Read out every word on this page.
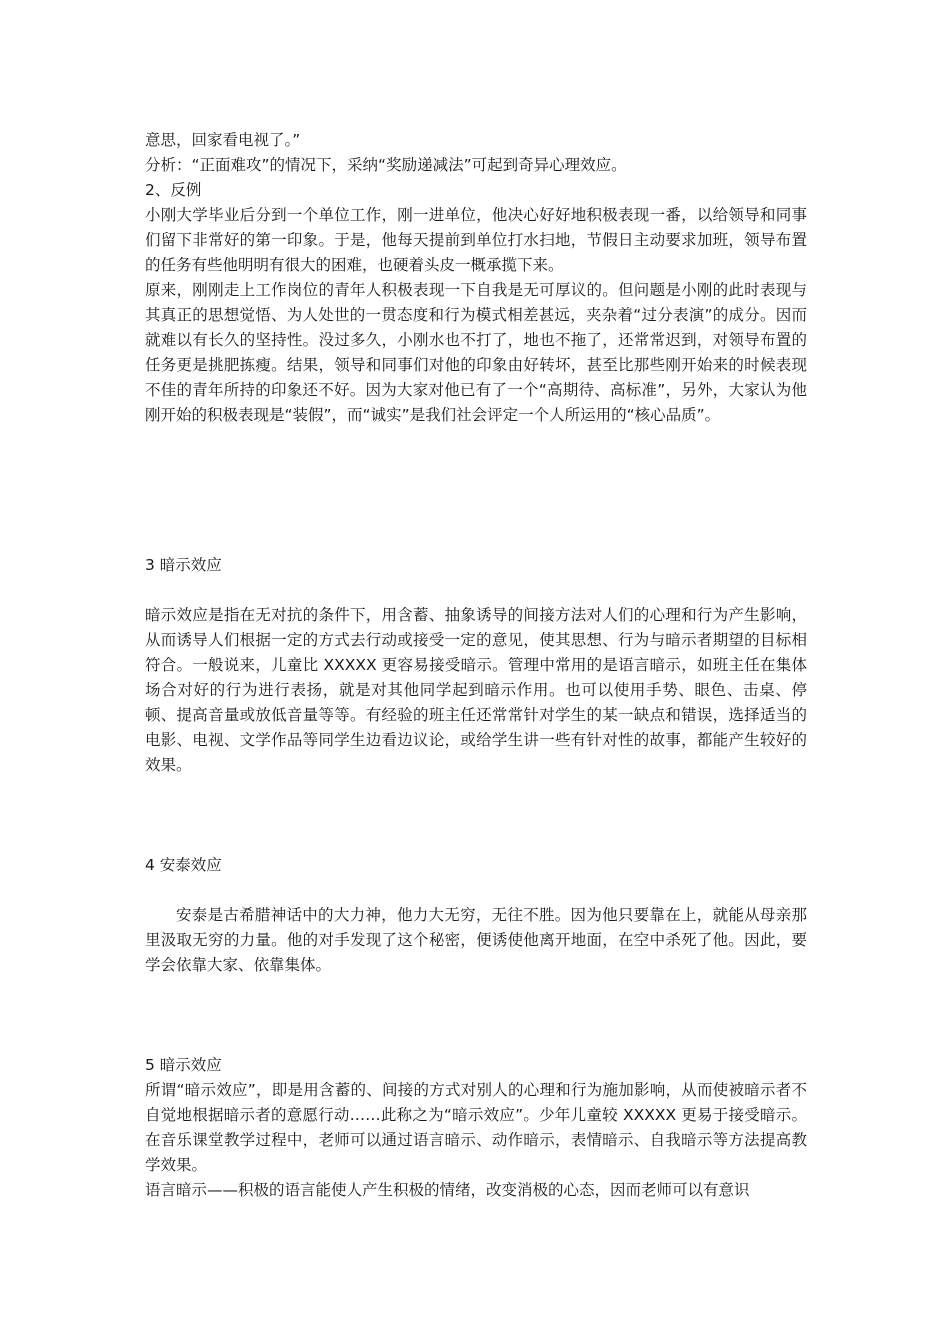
意思，回家看电视了。”

分析：“正面难攻”的情况下，采纳“奖励递减法”可起到奇异心理效应。

2、反例

小刚大学毕业后分到一个单位工作，刚一进单位，他决心好好地积极表现一番，以给领导和同事们留下非常好的第一印象。于是，他每天提前到单位打水扫地，节假日主动要求加班，领导布置的任务有些他明明有很大的困难，也硬着头皮一概承揽下来。

原来，刚刚走上工作岗位的青年人积极表现一下自我是无可厚议的。但问题是小刚的此时表现与其真正的思想觉悟、为人处世的一贯态度和行为模式相差甚远，夹杂着“过分表演”的成分。因而就难以有长久的坚持性。没过多久，小刚水也不打了，地也不拖了，还常常迟到，对领导布置的任务更是挑肥拣瘦。结果，领导和同事们对他的印象由好转坏，甚至比那些刚开始来的时候表现不佳的青年所持的印象还不好。因为大家对他已有了一个“高期待、高标准”，另外，大家认为他刚开始的积极表现是“装假”，而“诚实”是我们社会评定一个人所运用的“核心品质”。

3 暗示效应

暗示效应是指在无对抗的条件下，用含蓄、抽象诱导的间接方法对人们的心理和行为产生影响，从而诱导人们根据一定的方式去行动或接受一定的意见，使其思想、行为与暗示者期望的目标相符合。一般说来，儿童比 XXXXX 更容易接受暗示。管理中常用的是语言暗示，如班主任在集体场合对好的行为进行表扬，就是对其他同学起到暗示作用。也可以使用手势、眼色、击桌、停顿、提高音量或放低音量等等。有经验的班主任还常常针对学生的某一缺点和错误，选择适当的电影、电视、文学作品等同学生边看边议论，或给学生讲一些有针对性的故事，都能产生较好的效果。

4 安泰效应

安泰是古希腊神话中的大力神，他力大无穷，无往不胜。因为他只要靠在上，就能从母亲那里汲取无穷的力量。他的对手发现了这个秘密，便诱使他离开地面，在空中杀死了他。因此，要学会依靠大家、依靠集体。

5 暗示效应

所谓“暗示效应”，即是用含蓄的、间接的方式对别人的心理和行为施加影响，从而使被暗示者不自觉地根据暗示者的意愿行动……此称之为“暗示效应”。少年儿童较 XXXXX 更易于接受暗示。在音乐课堂教学过程中，老师可以通过语言暗示、动作暗示，表情暗示、自我暗示等方法提高教学效果。

语言暗示——积极的语言能使人产生积极的情绪，改变消极的心态，因而老师可以有意识
